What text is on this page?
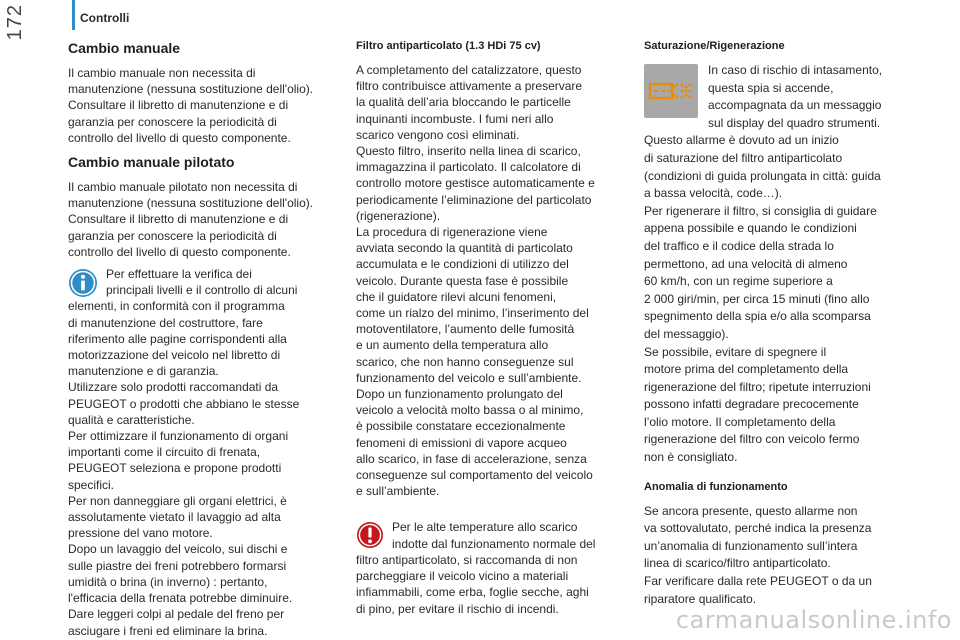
172	Controlli
Cambio manuale

Il cambio manuale non necessita di
manutenzione (nessuna sostituzione dell'olio).
Consultare il libretto di manutenzione e di
garanzia per conoscere la periodicità di
controllo del livello di questo componente.

Cambio manuale pilotato

Il cambio manuale pilotato non necessita di
manutenzione (nessuna sostituzione dell'olio).
Consultare il libretto di manutenzione e di
garanzia per conoscere la periodicità di
controllo del livello di questo componente.

Per effettuare la verifica dei
principali livelli e il controllo di alcuni

elementi, in conformità con il programma
di manutenzione del costruttore, fare
riferimento alle pagine corrispondenti alla
motorizzazione del veicolo nel libretto di
manutenzione e di garanzia.
Utilizzare solo prodotti raccomandati da
PEUGEOT o prodotti che abbiano le stesse
qualità e caratteristiche.
Per ottimizzare il funzionamento di organi
importanti come il circuito di frenata,
PEUGEOT seleziona e propone prodotti
specifici.
Per non danneggiare gli organi elettrici, è
assolutamente vietato il lavaggio ad alta
pressione del vano motore.
Dopo un lavaggio del veicolo, sui dischi e
sulle piastre dei freni potrebbero formarsi
umidità o brina (in inverno) : pertanto,
l'efficacia della frenata potrebbe diminuire.
Dare leggeri colpi al pedale del freno per
asciugare i freni ed eliminare la brina.

Filtro antiparticolato (1.3 HDi 75 cv)

A completamento del catalizzatore, questo
filtro contribuisce attivamente a preservare
la qualità dell’aria bloccando le particelle
inquinanti incombuste. I fumi neri allo
scarico vengono così eliminati.
Questo filtro, inserito nella linea di scarico,
immagazzina il particolato. Il calcolatore di
controllo motore gestisce automaticamente e
periodicamente l’eliminazione del particolato
(rigenerazione).
La procedura di rigenerazione viene
avviata secondo la quantità di particolato
accumulata e le condizioni di utilizzo del
veicolo. Durante questa fase è possibile
che il guidatore rilevi alcuni fenomeni,
come un rialzo del minimo, l’inserimento del
motoventilatore, l’aumento delle fumosità
e un aumento della temperatura allo
scarico, che non hanno conseguenze sul
funzionamento del veicolo e sull’ambiente.
Dopo un funzionamento prolungato del
veicolo a velocità molto bassa o al minimo,
è possibile constatare eccezionalmente
fenomeni di emissioni di vapore acqueo
allo scarico, in fase di accelerazione, senza
conseguenze sul comportamento del veicolo
e sull’ambiente.

Per le alte temperature allo scarico
indotte dal funzionamento normale del

filtro antiparticolato, si raccomanda di non
parcheggiare il veicolo vicino a materiali
infiammabili, come erba, foglie secche, aghi
di pino, per evitare il rischio di incendi.

Saturazione/Rigenerazione

In caso di rischio di intasamento,
questa spia si accende,
accompagnata da un messaggio
sul display del quadro strumenti.

Questo allarme è dovuto ad un inizio
di saturazione del filtro antiparticolato
(condizioni di guida prolungata in città: guida
a bassa velocità, code…).
Per rigenerare il filtro, si consiglia di guidare
appena possibile e quando le condizioni
del traffico e il codice della strada lo
permettono, ad una velocità di almeno
60 km/h, con un regime superiore a
2 000 giri/min, per circa 15 minuti (fino allo
spegnimento della spia e/o alla scomparsa
del messaggio).
Se possibile, evitare di spegnere il
motore prima del completamento della
rigenerazione del filtro; ripetute interruzioni
possono infatti degradare precocemente
l’olio motore. Il completamento della
rigenerazione del filtro con veicolo fermo
non è consigliato.

Anomalia di funzionamento

Se ancora presente, questo allarme non
va sottovalutato, perché indica la presenza
un’anomalia di funzionamento sull’intera
linea di scarico/filtro antiparticolato.
Far verificare dalla rete PEUGEOT o da un
riparatore qualificato.

carmanualsonline.info
